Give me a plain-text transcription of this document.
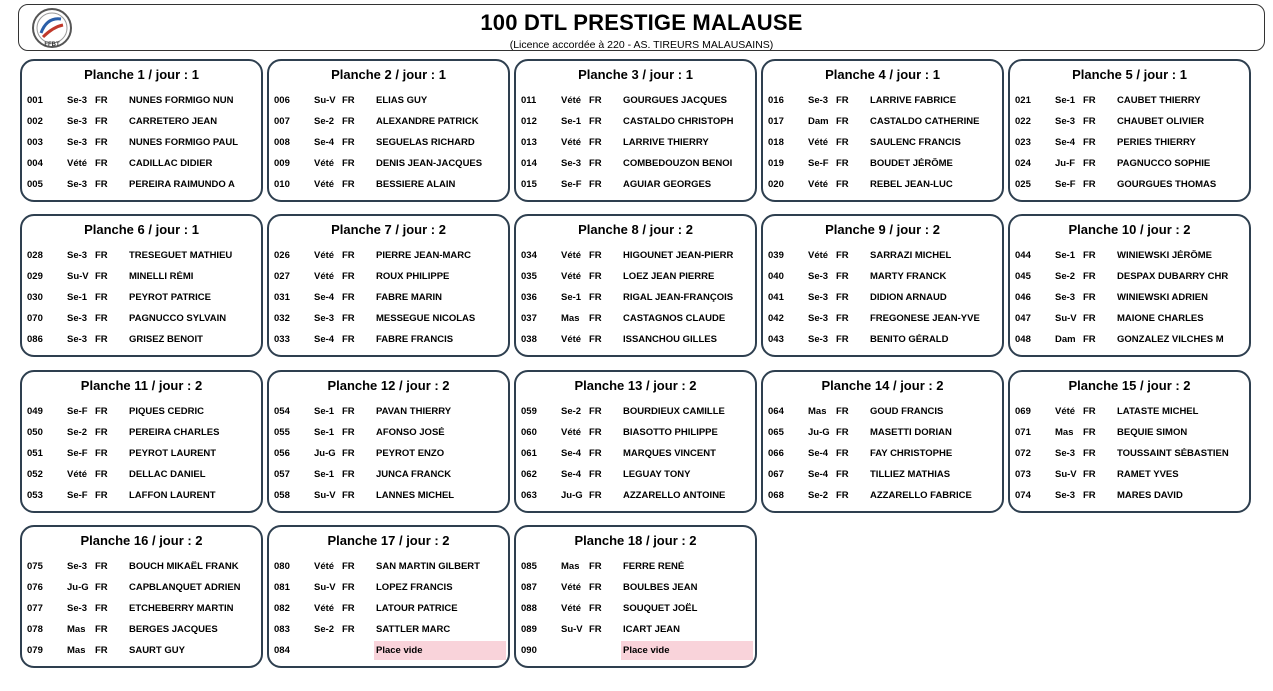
FFBT
100 DTL PRESTIGE MALAUSE
(Licence accordée à 220 - AS. TIREURS MALAUSAINS)
Planche 1 / jour : 1
001	Se-3 FR NUNES FORMIGO NUN
002	Se-3 FR CARRETERO JEAN
003	Se-3 FR NUNES FORMIGO PAUL
004	Vété FR CADILLAC DIDIER
005	Se-3 FR PEREIRA RAIMUNDO A
Planche 2 / jour : 1
006	Su-V FR ELIAS GUY
007	Se-2 FR ALEXANDRE PATRICK
008	Se-4 FR SEGUELAS RICHARD
009	Vété FR DENIS JEAN-JACQUES
010	Vété FR BESSIERE ALAIN
Planche 3 / jour : 1
011	Vété FR GOURGUES JACQUES
012	Se-1 FR CASTALDO CHRISTOPH
013	Vété FR LARRIVE THIERRY
014	Se-3 FR COMBEDOUZON BENOI
015	Se-F FR AGUIAR GEORGES
Planche 4 / jour : 1
016	Se-3 FR LARRIVE FABRICE
017	Dam FR CASTALDO CATHERINE
018	Vété FR SAULENC FRANCIS
019	Se-F FR BOUDET JÉRÔME
020	Vété FR REBEL JEAN-LUC
Planche 5 / jour : 1
021	Se-1 FR CAUBET THIERRY
022	Se-3 FR CHAUBET OLIVIER
023	Se-4 FR PERIES THIERRY
024	Ju-F FR PAGNUCCO SOPHIE
025	Se-F FR GOURGUES THOMAS
Planche 6 / jour : 1
028	Se-3 FR TRESEGUET MATHIEU
029	Su-V FR MINELLI RÉMI
030	Se-1 FR PEYROT PATRICE
070	Se-3 FR PAGNUCCO SYLVAIN
086	Se-3 FR GRISEZ BENOIT
Planche 7 / jour : 2
026	Vété FR PIERRE JEAN-MARC
027	Vété FR ROUX PHILIPPE
031	Se-4 FR FABRE MARIN
032	Se-3 FR MESSEGUE NICOLAS
033	Se-4 FR FABRE FRANCIS
Planche 8 / jour : 2
034	Vété FR HIGOUNET JEAN-PIERR
035	Vété FR LOEZ JEAN PIERRE
036	Se-1 FR RIGAL JEAN-FRANÇOIS
037	Mas FR CASTAGNOS CLAUDE
038	Vété FR ISSANCHOU GILLES
Planche 9 / jour : 2
039	Vété FR SARRAZI MICHEL
040	Se-3 FR MARTY FRANCK
041	Se-3 FR DIDION ARNAUD
042	Se-3 FR FREGONESE JEAN-YVE
043	Se-3 FR BENITO GÉRALD
Planche 10 / jour : 2
044	Se-1 FR WINIEWSKI JÉRÔME
045	Se-2 FR DESPAX DUBARRY CHR
046	Se-3 FR WINIEWSKI ADRIEN
047	Su-V FR MAIONE CHARLES
048	Dam FR GONZALEZ VILCHES M
Planche 11 / jour : 2
049	Se-F FR PIQUES CEDRIC
050	Se-2 FR PEREIRA CHARLES
051	Se-F FR PEYROT LAURENT
052	Vété FR DELLAC DANIEL
053	Se-F FR LAFFON LAURENT
Planche 12 / jour : 2
054	Se-1 FR PAVAN THIERRY
055	Se-1 FR AFONSO JOSÉ
056	Ju-G FR PEYROT ENZO
057	Se-1 FR JUNCA FRANCK
058	Su-V FR LANNES MICHEL
Planche 13 / jour : 2
059	Se-2 FR BOURDIEUX CAMILLE
060	Vété FR BIASOTTO PHILIPPE
061	Se-4 FR MARQUES VINCENT
062	Se-4 FR LEGUAY TONY
063	Ju-G FR AZZARELLO ANTOINE
Planche 14 / jour : 2
064	Mas FR GOUD FRANCIS
065	Ju-G FR MASETTI DORIAN
066	Se-4 FR FAY CHRISTOPHE
067	Se-4 FR TILLIEZ MATHIAS
068	Se-2 FR AZZARELLO FABRICE
Planche 15 / jour : 2
069	Vété FR LATASTE MICHEL
071	Mas FR BEQUIE SIMON
072	Se-3 FR TOUSSAINT SÉBASTIEN
073	Su-V FR RAMET YVES
074	Se-3 FR MARES DAVID
Planche 16 / jour : 2
075	Se-3 FR BOUCH MIKAËL FRANK
076	Ju-G FR CAPBLANQUET ADRIEN
077	Se-3 FR ETCHEBERRY MARTIN
078	Mas FR BERGES JACQUES
079	Mas FR SAURT GUY
Planche 17 / jour : 2
080	Vété FR SAN MARTIN GILBERT
081	Su-V FR LOPEZ FRANCIS
082	Vété FR LATOUR PATRICE
083	Se-2 FR SATTLER MARC
084	Place vide
Planche 18 / jour : 2
085	Mas FR FERRE RENÉ
087	Vété FR BOULBES JEAN
088	Vété FR SOUQUET JOËL
089	Su-V FR ICART JEAN
090	Place vide
